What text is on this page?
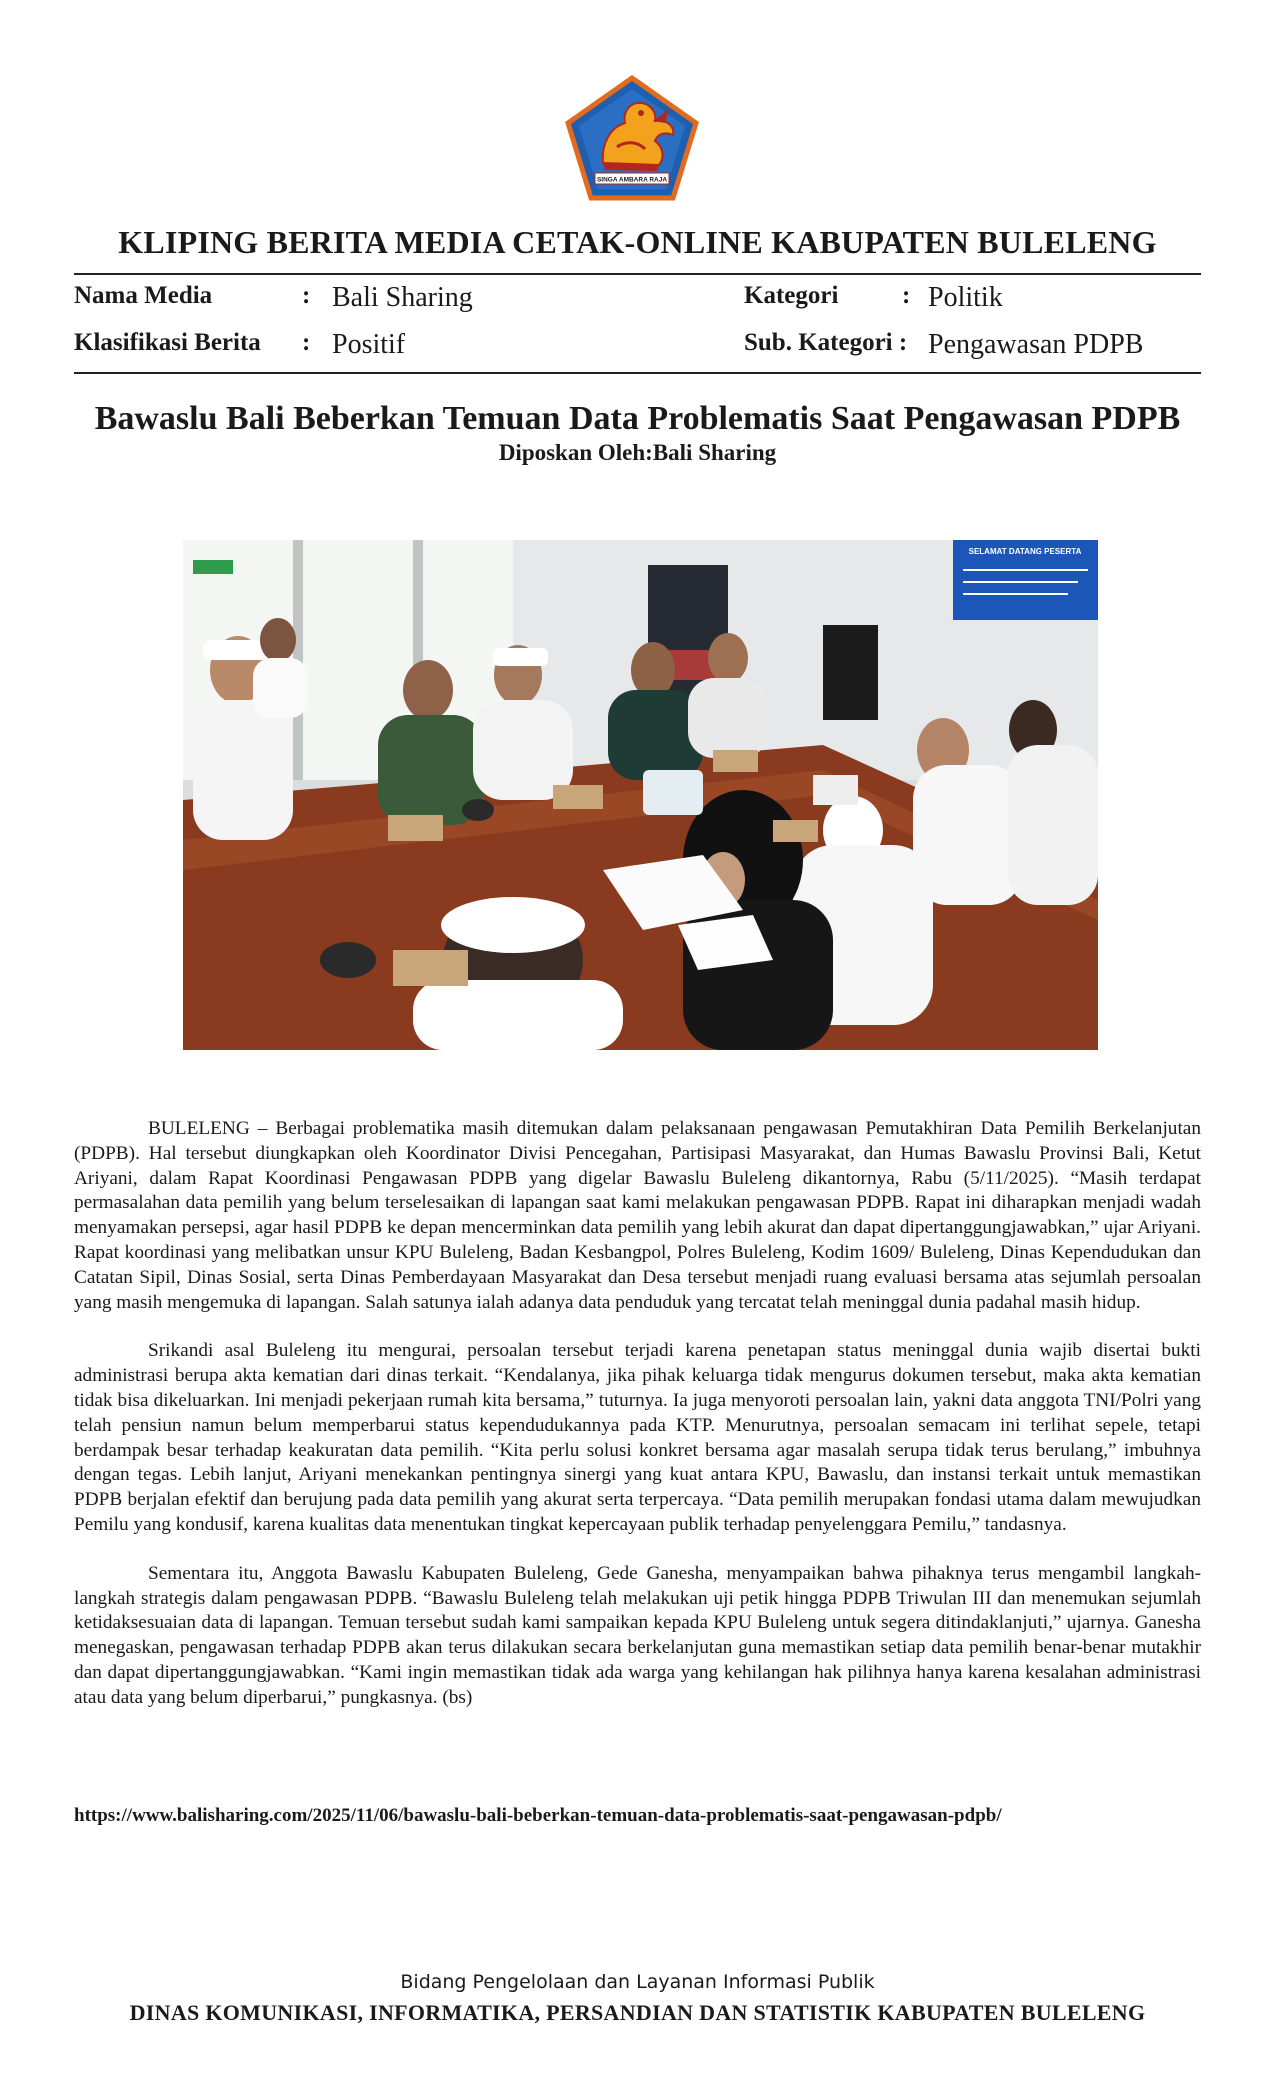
SINGA AMBARA RAJA
KLIPING BERITA MEDIA CETAK-ONLINE KABUPATEN BULELENG
Nama Media	: Bali Sharing	Kategori	: Politik
Klasifikasi Berita : Positif	Sub. Kategori : Pengawasan PDPB
Bawaslu Bali Beberkan Temuan Data Problematis Saat Pengawasan PDPB
Diposkan Oleh:Bali Sharing
SELAMAT DATANG PESERTA

BULELENG – Berbagai problematika masih ditemukan dalam pelaksanaan pengawasan Pemutakhiran Data Pemilih Berkelanjutan (PDPB). Hal tersebut diungkapkan oleh Koordinator Divisi Pencegahan, Partisipasi Masyarakat, dan Humas Bawaslu Provinsi Bali, Ketut Ariyani, dalam Rapat Koordinasi Pengawasan PDPB yang digelar Bawaslu Buleleng dikantornya, Rabu (5/11/2025). “Masih terdapat permasalahan data pemilih yang belum terselesaikan di lapangan saat kami melakukan pengawasan PDPB. Rapat ini diharapkan menjadi wadah menyamakan persepsi, agar hasil PDPB ke depan mencerminkan data pemilih yang lebih akurat dan dapat dipertanggungjawabkan,” ujar Ariyani. Rapat koordinasi yang melibatkan unsur KPU Buleleng, Badan Kesbangpol, Polres Buleleng, Kodim 1609/ Buleleng, Dinas Kependudukan dan Catatan Sipil, Dinas Sosial, serta Dinas Pemberdayaan Masyarakat dan Desa tersebut menjadi ruang evaluasi bersama atas sejumlah persoalan yang masih mengemuka di lapangan. Salah satunya ialah adanya data penduduk yang tercatat telah meninggal dunia padahal masih hidup.

Srikandi asal Buleleng itu mengurai, persoalan tersebut terjadi karena penetapan status meninggal dunia wajib disertai bukti administrasi berupa akta kematian dari dinas terkait. “Kendalanya, jika pihak keluarga tidak mengurus dokumen tersebut, maka akta kematian tidak bisa dikeluarkan. Ini menjadi pekerjaan rumah kita bersama,” tuturnya. Ia juga menyoroti persoalan lain, yakni data anggota TNI/Polri yang telah pensiun namun belum memperbarui status kependudukannya pada KTP. Menurutnya, persoalan semacam ini terlihat sepele, tetapi berdampak besar terhadap keakuratan data pemilih. “Kita perlu solusi konkret bersama agar masalah serupa tidak terus berulang,” imbuhnya dengan tegas. Lebih lanjut, Ariyani menekankan pentingnya sinergi yang kuat antara KPU, Bawaslu, dan instansi terkait untuk memastikan PDPB berjalan efektif dan berujung pada data pemilih yang akurat serta terpercaya. “Data pemilih merupakan fondasi utama dalam mewujudkan Pemilu yang kondusif, karena kualitas data menentukan tingkat kepercayaan publik terhadap penyelenggara Pemilu,” tandasnya.

Sementara itu, Anggota Bawaslu Kabupaten Buleleng, Gede Ganesha, menyampaikan bahwa pihaknya terus mengambil langkah-langkah strategis dalam pengawasan PDPB. “Bawaslu Buleleng telah melakukan uji petik hingga PDPB Triwulan III dan menemukan sejumlah ketidaksesuaian data di lapangan. Temuan tersebut sudah kami sampaikan kepada KPU Buleleng untuk segera ditindaklanjuti,” ujarnya. Ganesha menegaskan, pengawasan terhadap PDPB akan terus dilakukan secara berkelanjutan guna memastikan setiap data pemilih benar-benar mutakhir dan dapat dipertanggungjawabkan. “Kami ingin memastikan tidak ada warga yang kehilangan hak pilihnya hanya karena kesalahan administrasi atau data yang belum diperbarui,” pungkasnya. (bs)

https://www.balisharing.com/2025/11/06/bawaslu-bali-beberkan-temuan-data-problematis-saat-pengawasan-pdpb/
Bidang Pengelolaan dan Layanan Informasi Publik
DINAS KOMUNIKASI, INFORMATIKA, PERSANDIAN DAN STATISTIK KABUPATEN BULELENG
